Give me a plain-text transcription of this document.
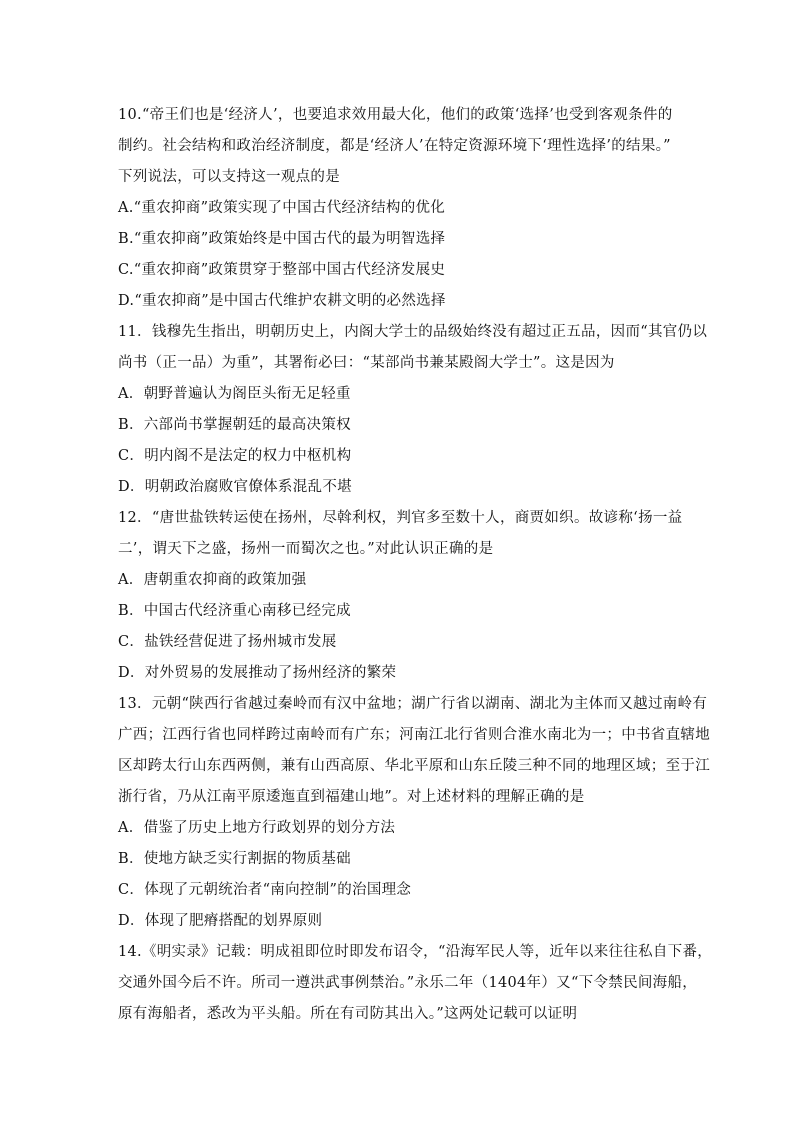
10.“帝王们也是‘经济人’，也要追求效用最大化，他们的政策‘选择’也受到客观条件的
制约。社会结构和政治经济制度，都是‘经济人’在特定资源环境下‘理性选择’的结果。”
下列说法，可以支持这一观点的是
A.“重农抑商”政策实现了中国古代经济结构的优化
B.“重农抑商”政策始终是中国古代的最为明智选择
C.“重农抑商”政策贯穿于整部中国古代经济发展史
D.“重农抑商”是中国古代维护农耕文明的必然选择
11．钱穆先生指出，明朝历史上，内阁大学士的品级始终没有超过正五品，因而“其官仍以
尚书（正一品）为重”，其署衔必曰：“某部尚书兼某殿阁大学士”。这是因为
A．朝野普遍认为阁臣头衔无足轻重
B．六部尚书掌握朝廷的最高决策权
C．明内阁不是法定的权力中枢机构
D．明朝政治腐败官僚体系混乱不堪
12．“唐世盐铁转运使在扬州，尽斡利权，判官多至数十人，商贾如织。故谚称‘扬一益
二’，谓天下之盛，扬州一而蜀次之也。”对此认识正确的是
A．唐朝重农抑商的政策加强
B．中国古代经济重心南移已经完成
C．盐铁经营促进了扬州城市发展
D．对外贸易的发展推动了扬州经济的繁荣
13．元朝“陕西行省越过秦岭而有汉中盆地；湖广行省以湖南、湖北为主体而又越过南岭有
广西；江西行省也同样跨过南岭而有广东；河南江北行省则合淮水南北为一；中书省直辖地
区却跨太行山东西两侧，兼有山西高原、华北平原和山东丘陵三种不同的地理区域；至于江
浙行省，乃从江南平原逶迤直到福建山地”。对上述材料的理解正确的是
A．借鉴了历史上地方行政划界的划分方法
B．使地方缺乏实行割据的物质基础
C．体现了元朝统治者“南向控制”的治国理念
D．体现了肥瘠搭配的划界原则
14.《明实录》记载：明成祖即位时即发布诏令，“沿海军民人等，近年以来往往私自下番，
交通外国今后不许。所司一遵洪武事例禁治。”永乐二年（1404年）又“下令禁民间海船，
原有海船者，悉改为平头船。所在有司防其出入。”这两处记载可以证明
